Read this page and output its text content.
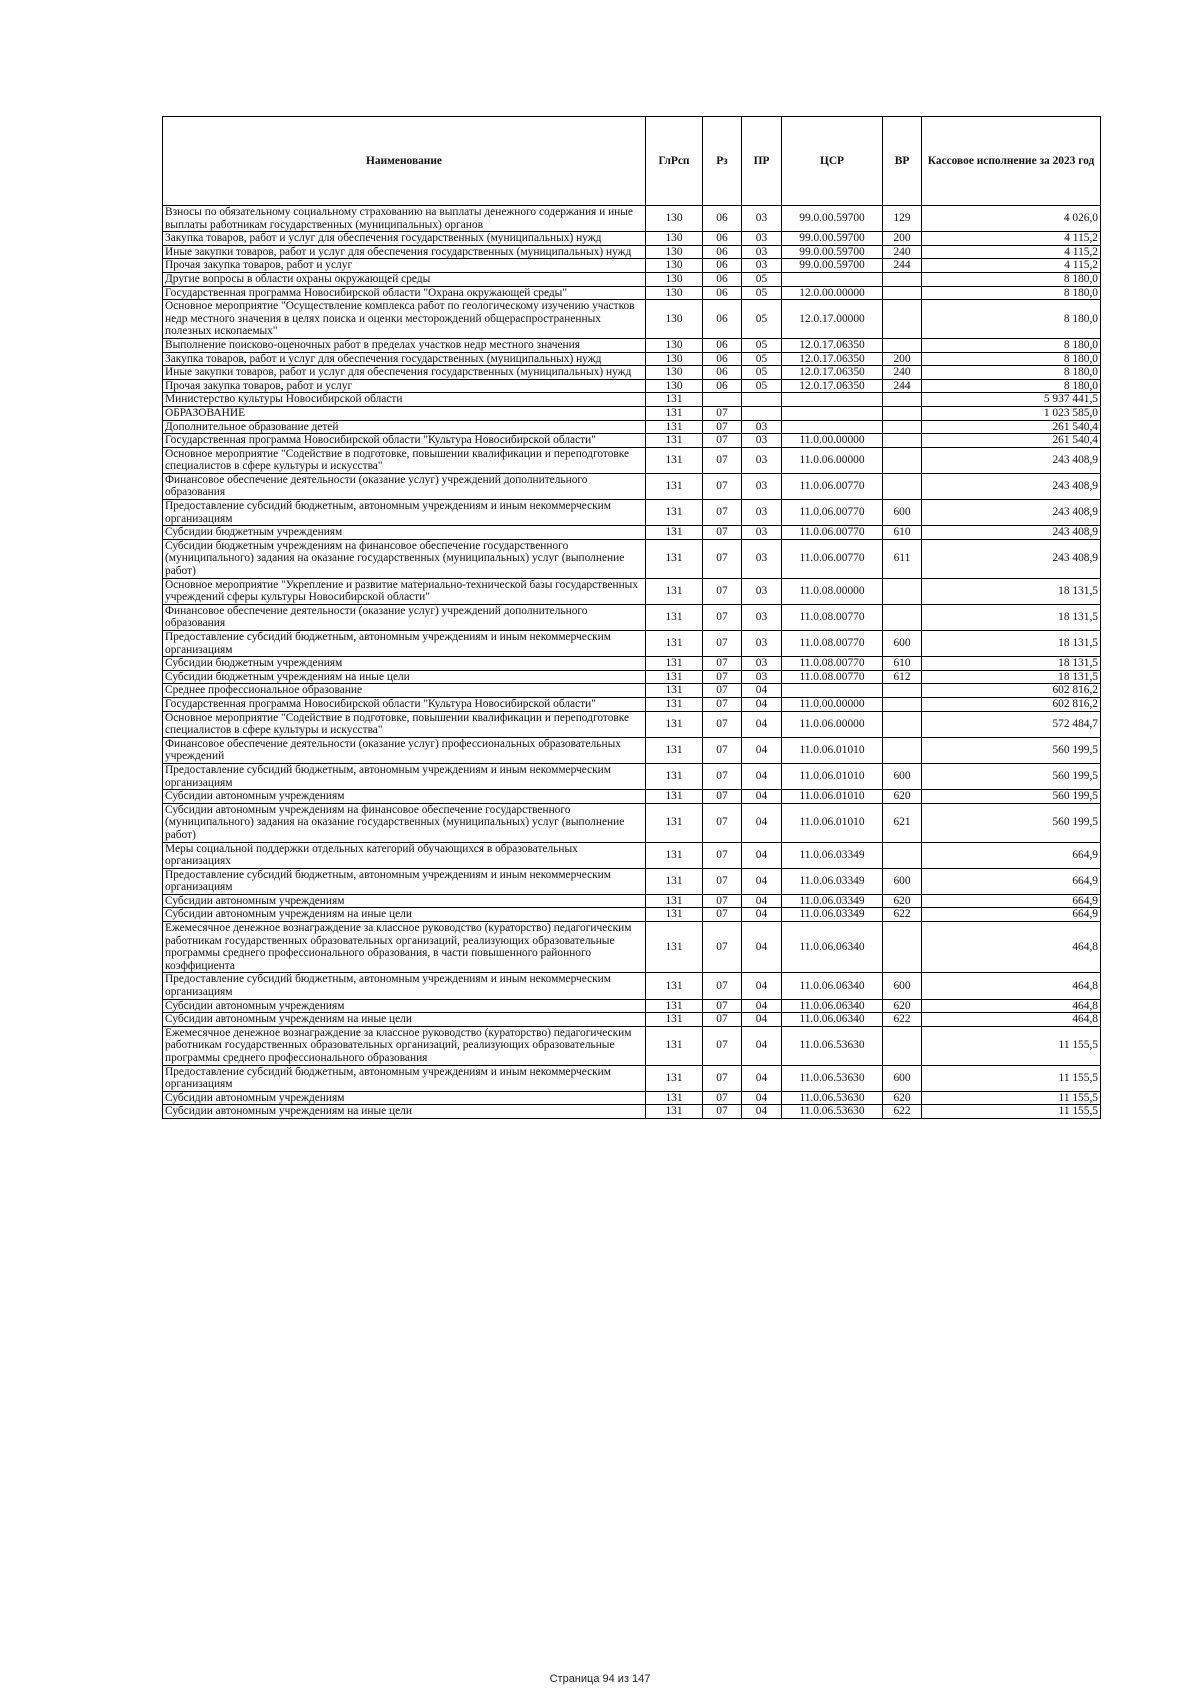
Наименование	ГлРсп	Рз	ПР	ЦСР	ВР	Кассовое исполнение за 2023 год
Взносы по обязательному социальному страхованию на выплаты денежного содержания и иные выплаты работникам государственных (муниципальных) органов	130	06	03	99.0.00.59700	129	4 026,0
Закупка товаров, работ и услуг для обеспечения государственных (муниципальных) нужд	130	06	03	99.0.00.59700	200	4 115,2
Иные закупки товаров, работ и услуг для обеспечения государственных (муниципальных) нужд	130	06	03	99.0.00.59700	240	4 115,2
Прочая закупка товаров, работ и услуг	130	06	03	99.0.00.59700	244	4 115,2
Другие вопросы в области охраны окружающей среды	130	06	05			8 180,0
Государственная программа Новосибирской области "Охрана окружающей среды"	130	06	05	12.0.00.00000		8 180,0
Основное мероприятие "Осуществление комплекса работ по геологическому изучению участков недр местного значения в целях поиска и оценки месторождений общераспространенных полезных ископаемых"	130	06	05	12.0.17.00000		8 180,0
Выполнение поисково-оценочных работ в пределах участков недр местного значения	130	06	05	12.0.17.06350		8 180,0
Закупка товаров, работ и услуг для обеспечения государственных (муниципальных) нужд	130	06	05	12.0.17.06350	200	8 180,0
Иные закупки товаров, работ и услуг для обеспечения государственных (муниципальных) нужд	130	06	05	12.0.17.06350	240	8 180,0
Прочая закупка товаров, работ и услуг	130	06	05	12.0.17.06350	244	8 180,0
Министерство культуры Новосибирской области	131					5 937 441,5
ОБРАЗОВАНИЕ	131	07				1 023 585,0
Дополнительное образование детей	131	07	03			261 540,4
Государственная программа Новосибирской области "Культура Новосибирской области"	131	07	03	11.0.00.00000		261 540,4
Основное мероприятие "Содействие в подготовке, повышении квалификации и переподготовке специалистов в сфере культуры и искусства"	131	07	03	11.0.06.00000		243 408,9
Финансовое обеспечение деятельности (оказание услуг) учреждений дополнительного образования	131	07	03	11.0.06.00770		243 408,9
Предоставление субсидий бюджетным, автономным учреждениям и иным некоммерческим организациям	131	07	03	11.0.06.00770	600	243 408,9
Субсидии бюджетным учреждениям	131	07	03	11.0.06.00770	610	243 408,9
Субсидии бюджетным учреждениям на финансовое обеспечение государственного (муниципального) задания на оказание государственных (муниципальных) услуг (выполнение работ)	131	07	03	11.0.06.00770	611	243 408,9
Основное мероприятие "Укрепление и развитие материально-технической базы государственных учреждений сферы культуры Новосибирской области"	131	07	03	11.0.08.00000		18 131,5
Финансовое обеспечение деятельности (оказание услуг) учреждений дополнительного образования	131	07	03	11.0.08.00770		18 131,5
Предоставление субсидий бюджетным, автономным учреждениям и иным некоммерческим организациям	131	07	03	11.0.08.00770	600	18 131,5
Субсидии бюджетным учреждениям	131	07	03	11.0.08.00770	610	18 131,5
Субсидии бюджетным учреждениям на иные цели	131	07	03	11.0.08.00770	612	18 131,5
Среднее профессиональное образование	131	07	04			602 816,2
Государственная программа Новосибирской области "Культура Новосибирской области"	131	07	04	11.0.00.00000		602 816,2
Основное мероприятие "Содействие в подготовке, повышении квалификации и переподготовке специалистов в сфере культуры и искусства"	131	07	04	11.0.06.00000		572 484,7
Финансовое обеспечение деятельности (оказание услуг) профессиональных образовательных учреждений	131	07	04	11.0.06.01010		560 199,5
Предоставление субсидий бюджетным, автономным учреждениям и иным некоммерческим организациям	131	07	04	11.0.06.01010	600	560 199,5
Субсидии автономным учреждениям	131	07	04	11.0.06.01010	620	560 199,5
Субсидии автономным учреждениям на финансовое обеспечение государственного (муниципального) задания на оказание государственных (муниципальных) услуг (выполнение работ)	131	07	04	11.0.06.01010	621	560 199,5
Меры социальной поддержки отдельных категорий обучающихся в образовательных организациях	131	07	04	11.0.06.03349		664,9
Предоставление субсидий бюджетным, автономным учреждениям и иным некоммерческим организациям	131	07	04	11.0.06.03349	600	664,9
Субсидии автономным учреждениям	131	07	04	11.0.06.03349	620	664,9
Субсидии автономным учреждениям на иные цели	131	07	04	11.0.06.03349	622	664,9
Ежемесячное денежное вознаграждение за классное руководство (кураторство) педагогическим работникам государственных образовательных организаций, реализующих образовательные программы среднего профессионального образования, в части повышенного районного коэффициента	131	07	04	11.0.06.06340		464,8
Предоставление субсидий бюджетным, автономным учреждениям и иным некоммерческим организациям	131	07	04	11.0.06.06340	600	464,8
Субсидии автономным учреждениям	131	07	04	11.0.06.06340	620	464,8
Субсидии автономным учреждениям на иные цели	131	07	04	11.0.06.06340	622	464,8
Ежемесячное денежное вознаграждение за классное руководство (кураторство) педагогическим работникам государственных образовательных организаций, реализующих образовательные программы среднего профессионального образования	131	07	04	11.0.06.53630		11 155,5
Предоставление субсидий бюджетным, автономным учреждениям и иным некоммерческим организациям	131	07	04	11.0.06.53630	600	11 155,5
Субсидии автономным учреждениям	131	07	04	11.0.06.53630	620	11 155,5
Субсидии автономным учреждениям на иные цели	131	07	04	11.0.06.53630	622	11 155,5
Страница 94 из 147
